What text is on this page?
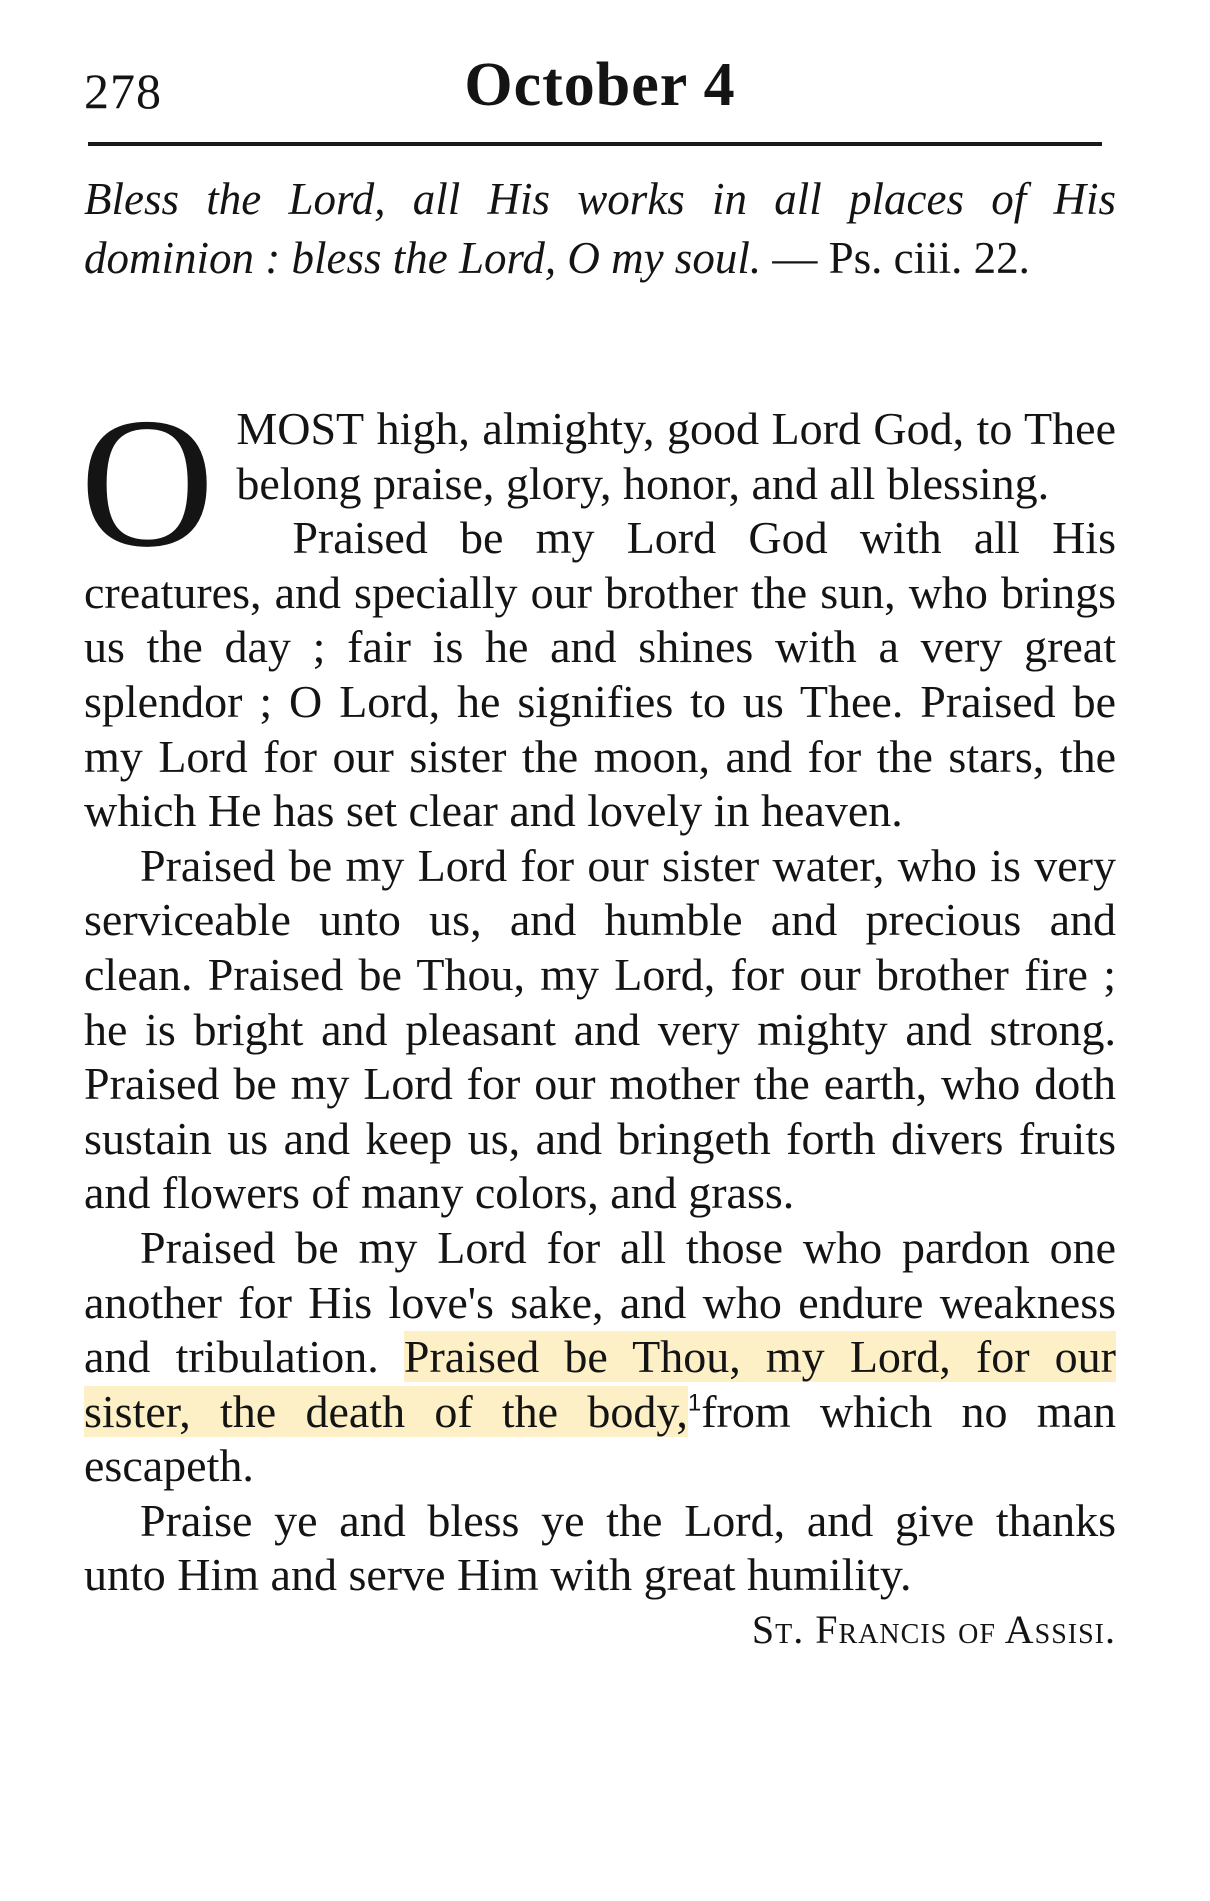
278	October 4
Bless the Lord, all His works in all places of His dominion : bless the Lord, O my soul. — Ps. ciii. 22.

OMOST high, almighty, good Lord God, to Thee belong praise, glory, honor, and all blessing.

Praised be my Lord God with all His creatures, and specially our brother the sun, who brings us the day ; fair is he and shines with a very great splendor ; O Lord, he signifies to us Thee. Praised be my Lord for our sister the moon, and for the stars, the which He has set clear and lovely in heaven.

Praised be my Lord for our sister water, who is very serviceable unto us, and humble and precious and clean. Praised be Thou, my Lord, for our brother fire ; he is bright and pleasant and very mighty and strong. Praised be my Lord for our mother the earth, who doth sustain us and keep us, and bringeth forth divers fruits and flowers of many colors, and grass.

Praised be my Lord for all those who pardon one another for His love's sake, and who endure weakness and tribulation. Praised be Thou, my Lord, for our sister, the death of the body,$^1$from which no man escapeth.

Praise ye and bless ye the Lord, and give thanks unto Him and serve Him with great humility.
St. Francis of Assisi.
